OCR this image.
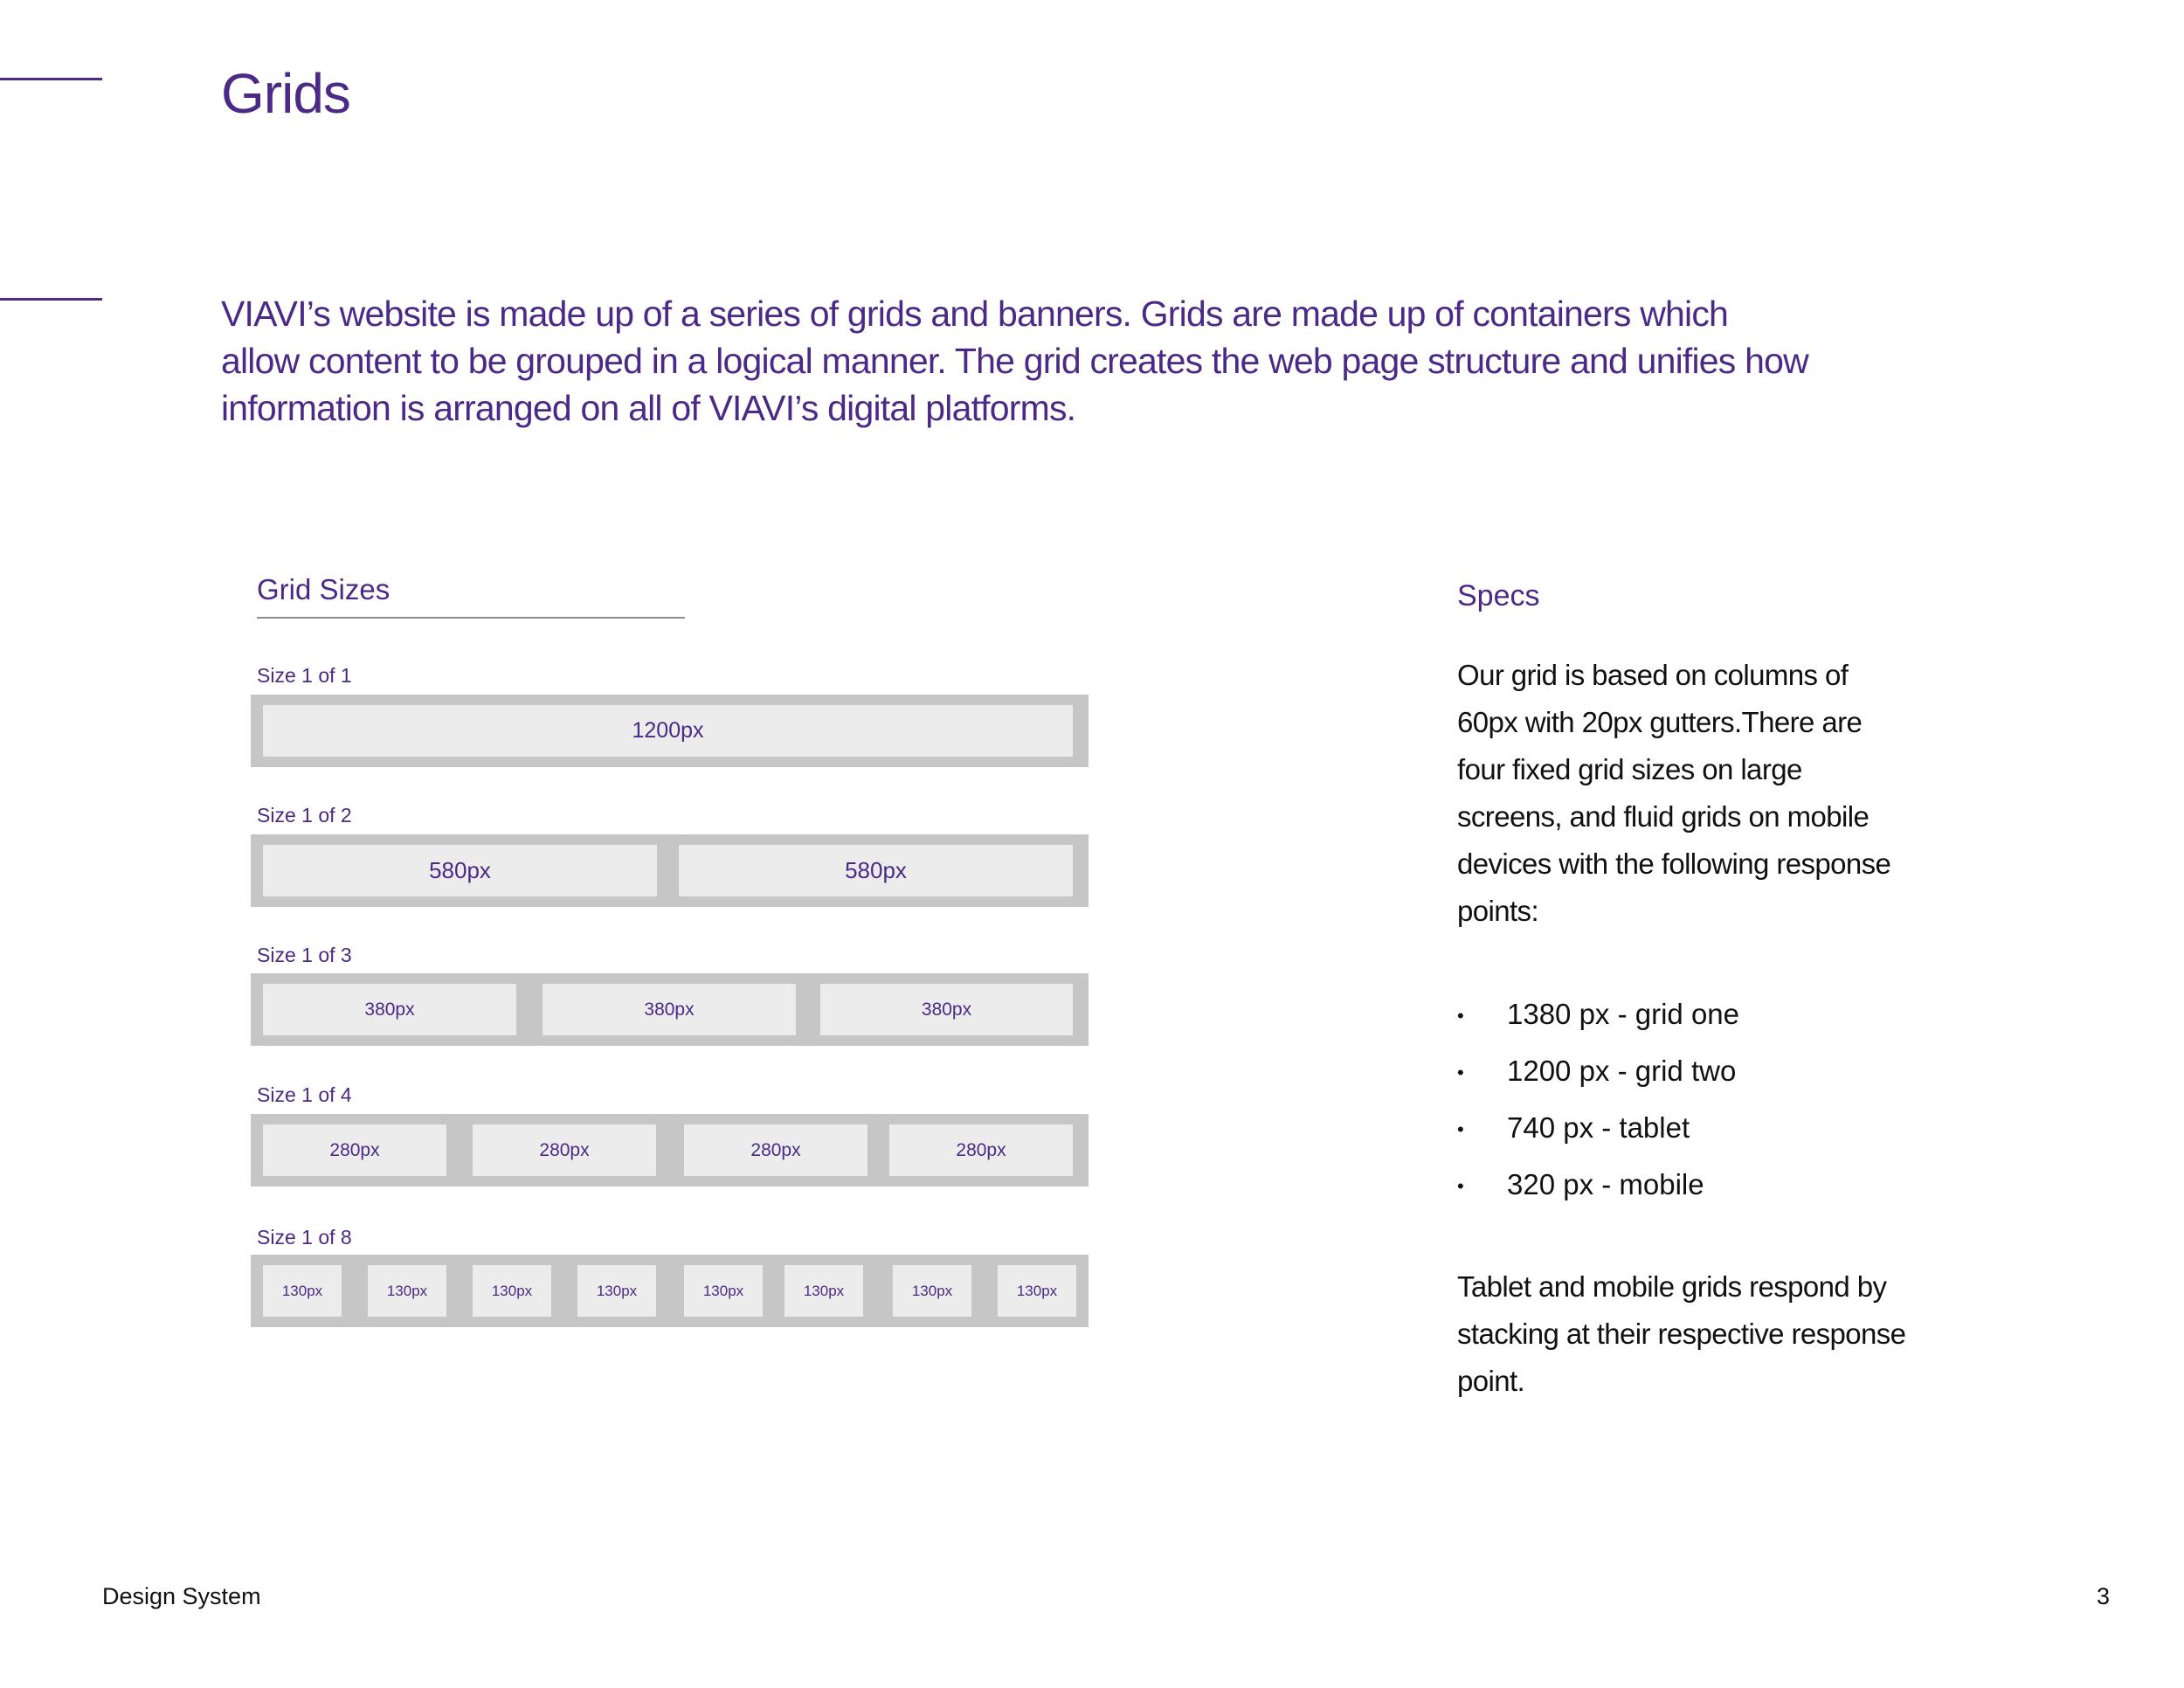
Grids

VIAVI’s website is made up of a series of grids and banners. Grids are made up of containers which allow content to be grouped in a logical manner. The grid creates the web page structure and unifies how information is arranged on all of VIAVI’s digital platforms.

Grid Sizes
Size 1 of 1
1200px
Size 1 of 2
580px	580px
Size 1 of 3
380px	380px	380px
Size 1 of 4
280px	280px	280px	280px
Size 1 of 8
130px	130px	130px	130px	130px	130px	130px	130px
Specs

Our grid is based on columns of 60px with 20px gutters.There are four fixed grid sizes on large screens, and fluid grids on mobile devices with the following response points:

• 1380 px - grid one
• 1200 px - grid two
• 740 px - tablet
• 320 px - mobile

Tablet and mobile grids respond by stacking at their respective response point.

Design System	3
